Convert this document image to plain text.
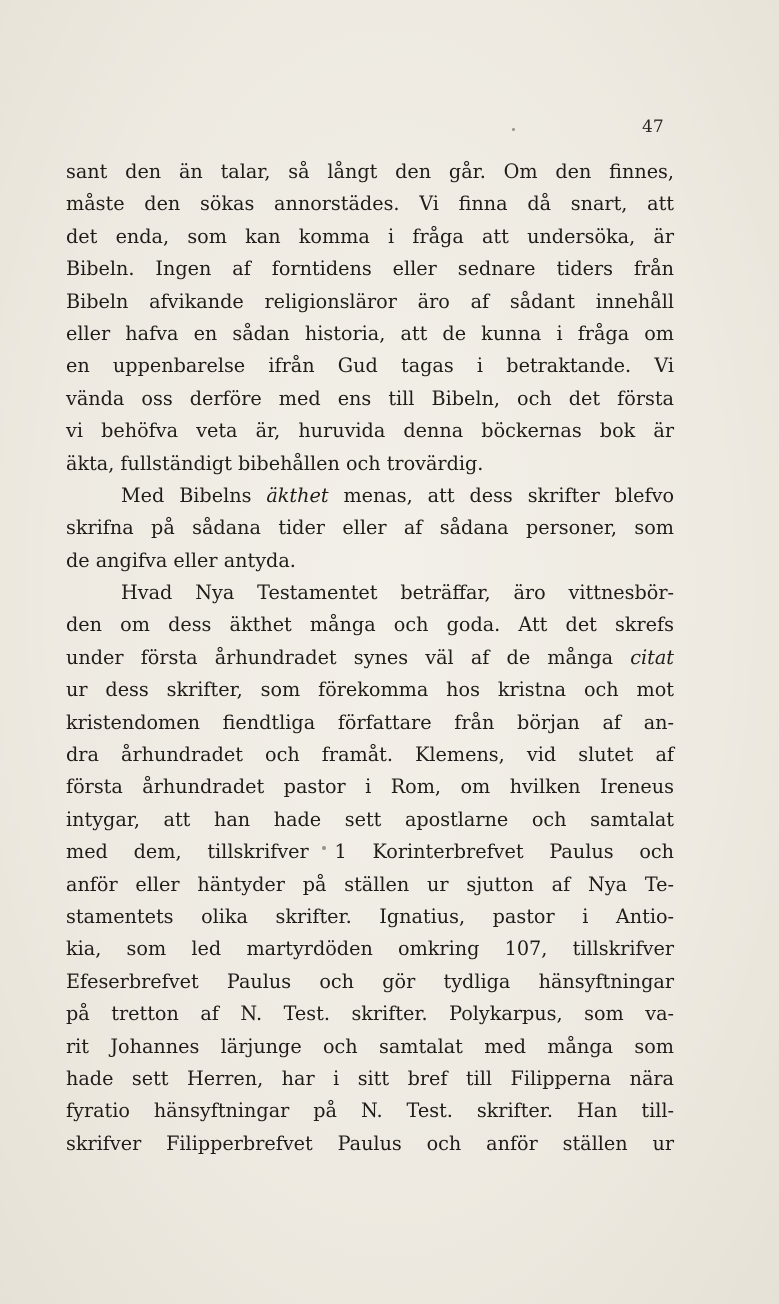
47
sant den än talar, så långt den går. Om den finnes,
måste den sökas annorstädes. Vi finna då snart, att
det enda, som kan komma i fråga att undersöka, är
Bibeln. Ingen af forntidens eller sednare tiders från
Bibeln afvikande religionsläror äro af sådant innehåll
eller hafva en sådan historia, att de kunna i fråga om
en uppenbarelse ifrån Gud tagas i betraktande. Vi
vända oss derföre med ens till Bibeln, och det första
vi behöfva veta är, huruvida denna böckernas bok är
äkta, fullständigt bibehållen och trovärdig.
Med Bibelns äkthet menas, att dess skrifter blefvo
skrifna på sådana tider eller af sådana personer, som
de angifva eller antyda.
Hvad Nya Testamentet beträffar, äro vittnesbör-
den om dess äkthet många och goda. Att det skrefs
under första århundradet synes väl af de många citat
ur dess skrifter, som förekomma hos kristna och mot
kristendomen fiendtliga författare från början af an-
dra århundradet och framåt. Klemens, vid slutet af
första århundradet pastor i Rom, om hvilken Ireneus
intygar, att han hade sett apostlarne och samtalat
med dem, tillskrifver 1 Korinterbrefvet Paulus och
anför eller häntyder på ställen ur sjutton af Nya Te-
stamentets olika skrifter. Ignatius, pastor i Antio-
kia, som led martyrdöden omkring 107, tillskrifver
Efeserbrefvet Paulus och gör tydliga hänsyftningar
på tretton af N. Test. skrifter. Polykarpus, som va-
rit Johannes lärjunge och samtalat med många som
hade sett Herren, har i sitt bref till Filipperna nära
fyratio hänsyftningar på N. Test. skrifter. Han till-
skrifver Filipperbrefvet Paulus och anför ställen ur
